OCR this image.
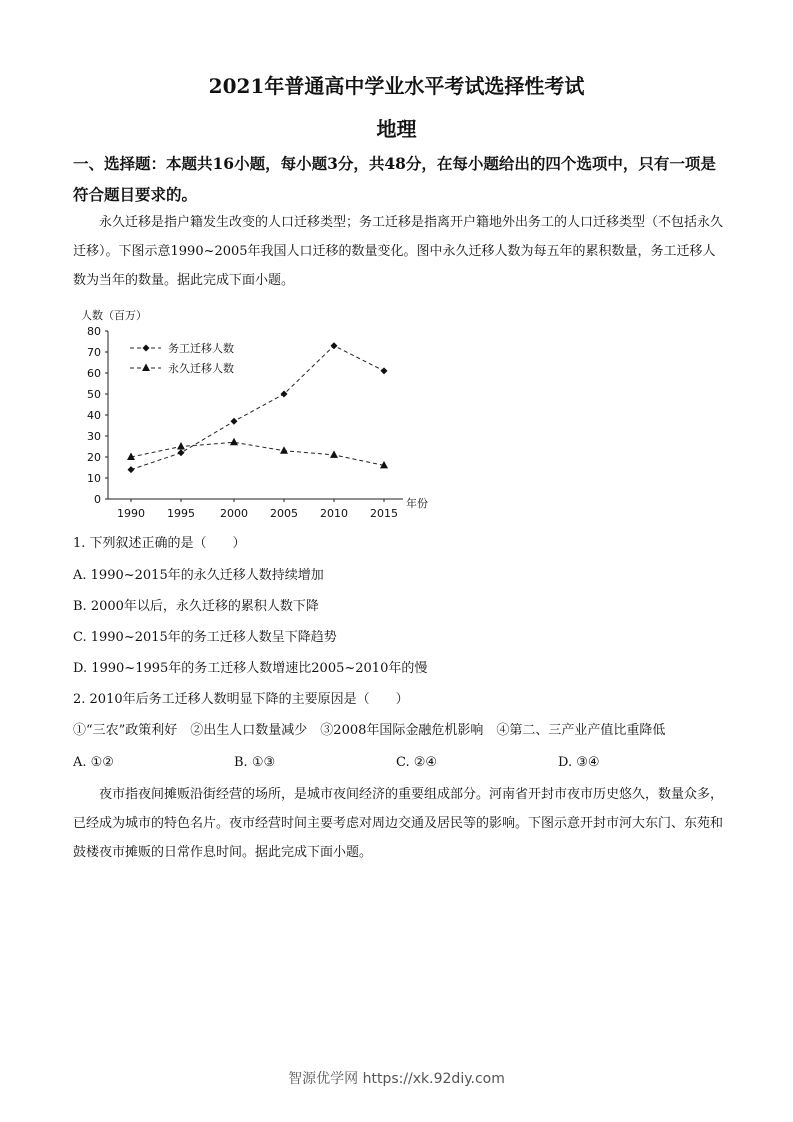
2021年普通高中学业水平考试选择性考试
地理
一、选择题：本题共16小题，每小题3分，共48分，在每小题给出的四个选项中，只有一项是符合题目要求的。
永久迁移是指户籍发生改变的人口迁移类型；务工迁移是指离开户籍地外出务工的人口迁移类型（不包括永久迁移）。下图示意1990~2005年我国人口迁移的数量变化。图中永久迁移人数为每五年的累积数量，务工迁移人数为当年的数量。据此完成下面小题。
0
10
20
30
40
50
60
70
80
1990 1995 2000 2005 2010 2015
务工迁移人数
永久迁移人数
人数（百万）
年份
1. 下列叙述正确的是（　　）
A. 1990~2015年的永久迁移人数持续增加
B. 2000年以后，永久迁移的累积人数下降
C. 1990~2015年的务工迁移人数呈下降趋势
D. 1990~1995年的务工迁移人数增速比2005~2010年的慢
2. 2010年后务工迁移人数明显下降的主要原因是（　　）
①“三农”政策利好　②出生人口数量减少　③2008年国际金融危机影响　④第二、三产业产值比重降低
A. ①②	B. ①③	C. ②④	D. ③④
夜市指夜间摊贩沿街经营的场所，是城市夜间经济的重要组成部分。河南省开封市夜市历史悠久，数量众多，已经成为城市的特色名片。夜市经营时间主要考虑对周边交通及居民等的影响。下图示意开封市河大东门、东苑和鼓楼夜市摊贩的日常作息时间。据此完成下面小题。
智源优学网 https://xk.92diy.com
